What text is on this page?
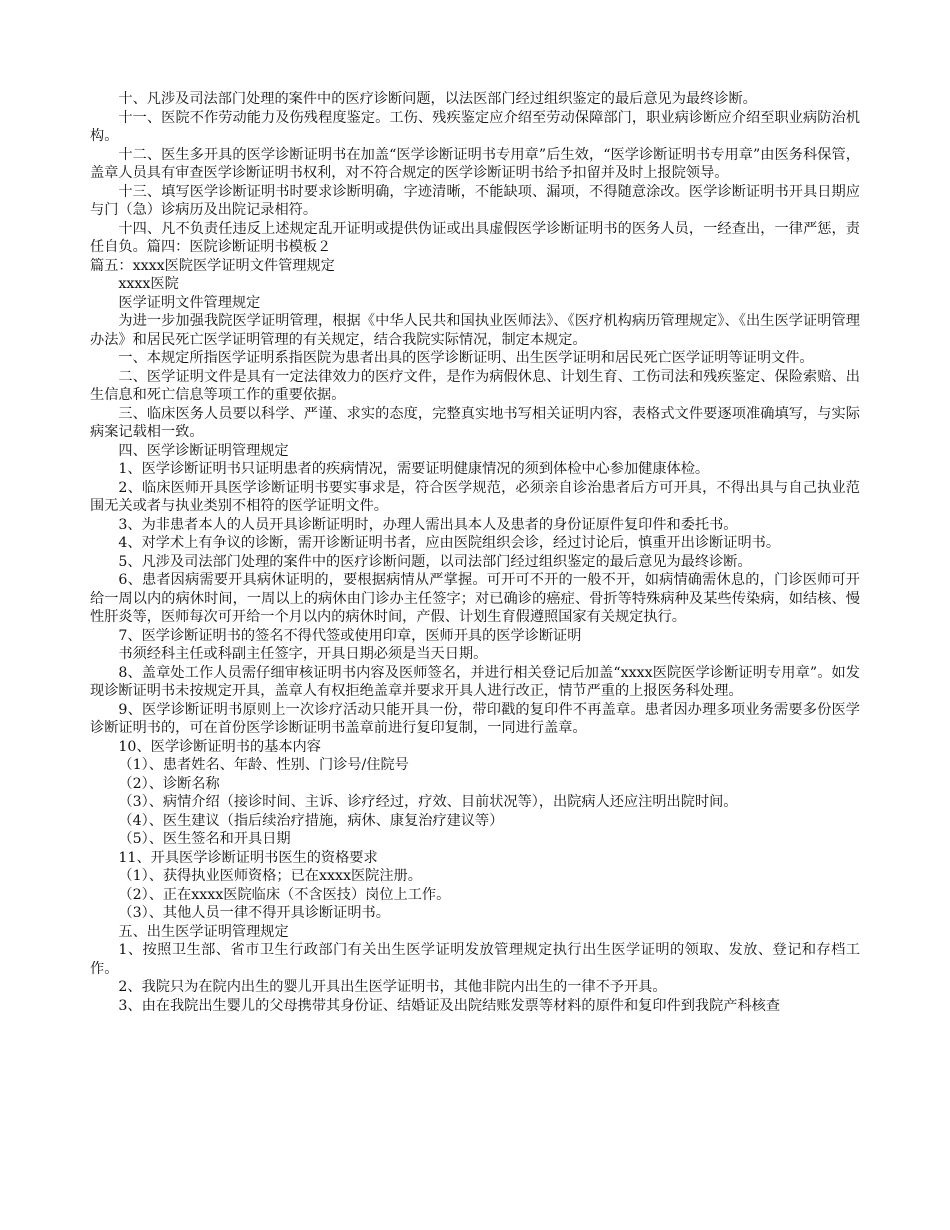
十、凡涉及司法部门处理的案件中的医疗诊断问题，以法医部门经过组织鉴定的最后意见为最终诊断。

十一、医院不作劳动能力及伤残程度鉴定。工伤、残疾鉴定应介绍至劳动保障部门，职业病诊断应介绍至职业病防治机构。

十二、医生多开具的医学诊断证明书在加盖“医学诊断证明书专用章”后生效，“医学诊断证明书专用章”由医务科保管，盖章人员具有审查医学诊断证明书权利，对不符合规定的医学诊断证明书给予扣留并及时上报院领导。

十三、填写医学诊断证明书时要求诊断明确，字迹清晰，不能缺项、漏项，不得随意涂改。医学诊断证明书开具日期应与门（急）诊病历及出院记录相符。

十四、凡不负责任违反上述规定乱开证明或提供伪证或出具虚假医学诊断证明书的医务人员，一经查出，一律严惩，责任自负。篇四：医院诊断证明书模板２

篇五：xxxx医院医学证明文件管理规定

xxxx医院

医学证明文件管理规定

为进一步加强我院医学证明管理，根据《中华人民共和国执业医师法》、《医疗机构病历管理规定》、《出生医学证明管理办法》和居民死亡医学证明管理的有关规定，结合我院实际情况，制定本规定。

一、本规定所指医学证明系指医院为患者出具的医学诊断证明、出生医学证明和居民死亡医学证明等证明文件。

二、医学证明文件是具有一定法律效力的医疗文件，是作为病假休息、计划生育、工伤司法和残疾鉴定、保险索赔、出生信息和死亡信息等项工作的重要依据。

三、临床医务人员要以科学、严谨、求实的态度，完整真实地书写相关证明内容，表格式文件要逐项准确填写，与实际病案记载相一致。

四、医学诊断证明管理规定

1、医学诊断证明书只证明患者的疾病情况，需要证明健康情况的须到体检中心参加健康体检。

2、临床医师开具医学诊断证明书要实事求是，符合医学规范，必须亲自诊治患者后方可开具，不得出具与自己执业范围无关或者与执业类别不相符的医学证明文件。

3、为非患者本人的人员开具诊断证明时，办理人需出具本人及患者的身份证原件复印件和委托书。

4、对学术上有争议的诊断，需开诊断证明书者，应由医院组织会诊，经过讨论后，慎重开出诊断证明书。

5、凡涉及司法部门处理的案件中的医疗诊断问题，以司法部门经过组织鉴定的最后意见为最终诊断。

6、患者因病需要开具病休证明的，要根据病情从严掌握。可开可不开的一般不开，如病情确需休息的，门诊医师可开给一周以内的病休时间，一周以上的病休由门诊办主任签字；对已确诊的癌症、骨折等特殊病种及某些传染病，如结核、慢性肝炎等，医师每次可开给一个月以内的病休时间，产假、计划生育假遵照国家有关规定执行。

7、医学诊断证明书的签名不得代签或使用印章，医师开具的医学诊断证明

书须经科主任或科副主任签字，开具日期必须是当天日期。

8、盖章处工作人员需仔细审核证明书内容及医师签名，并进行相关登记后加盖“xxxx医院医学诊断证明专用章”。如发现诊断证明书未按规定开具，盖章人有权拒绝盖章并要求开具人进行改正，情节严重的上报医务科处理。

9、医学诊断证明书原则上一次诊疗活动只能开具一份，带印戳的复印件不再盖章。患者因办理多项业务需要多份医学诊断证明书的，可在首份医学诊断证明书盖章前进行复印复制，一同进行盖章。

10、医学诊断证明书的基本内容

（1）、患者姓名、年龄、性别、门诊号/住院号

（2）、诊断名称

（3）、病情介绍（接诊时间、主诉、诊疗经过，疗效、目前状况等），出院病人还应注明出院时间。

（4）、医生建议（指后续治疗措施，病休、康复治疗建议等）

（5）、医生签名和开具日期

11、开具医学诊断证明书医生的资格要求

（1）、获得执业医师资格；已在xxxx医院注册。

（2）、正在xxxx医院临床（不含医技）岗位上工作。

（3）、其他人员一律不得开具诊断证明书。

五、出生医学证明管理规定

1、按照卫生部、省市卫生行政部门有关出生医学证明发放管理规定执行出生医学证明的领取、发放、登记和存档工作。

2、我院只为在院内出生的婴儿开具出生医学证明书，其他非院内出生的一律不予开具。

3、由在我院出生婴儿的父母携带其身份证、结婚证及出院结账发票等材料的原件和复印件到我院产科核查
